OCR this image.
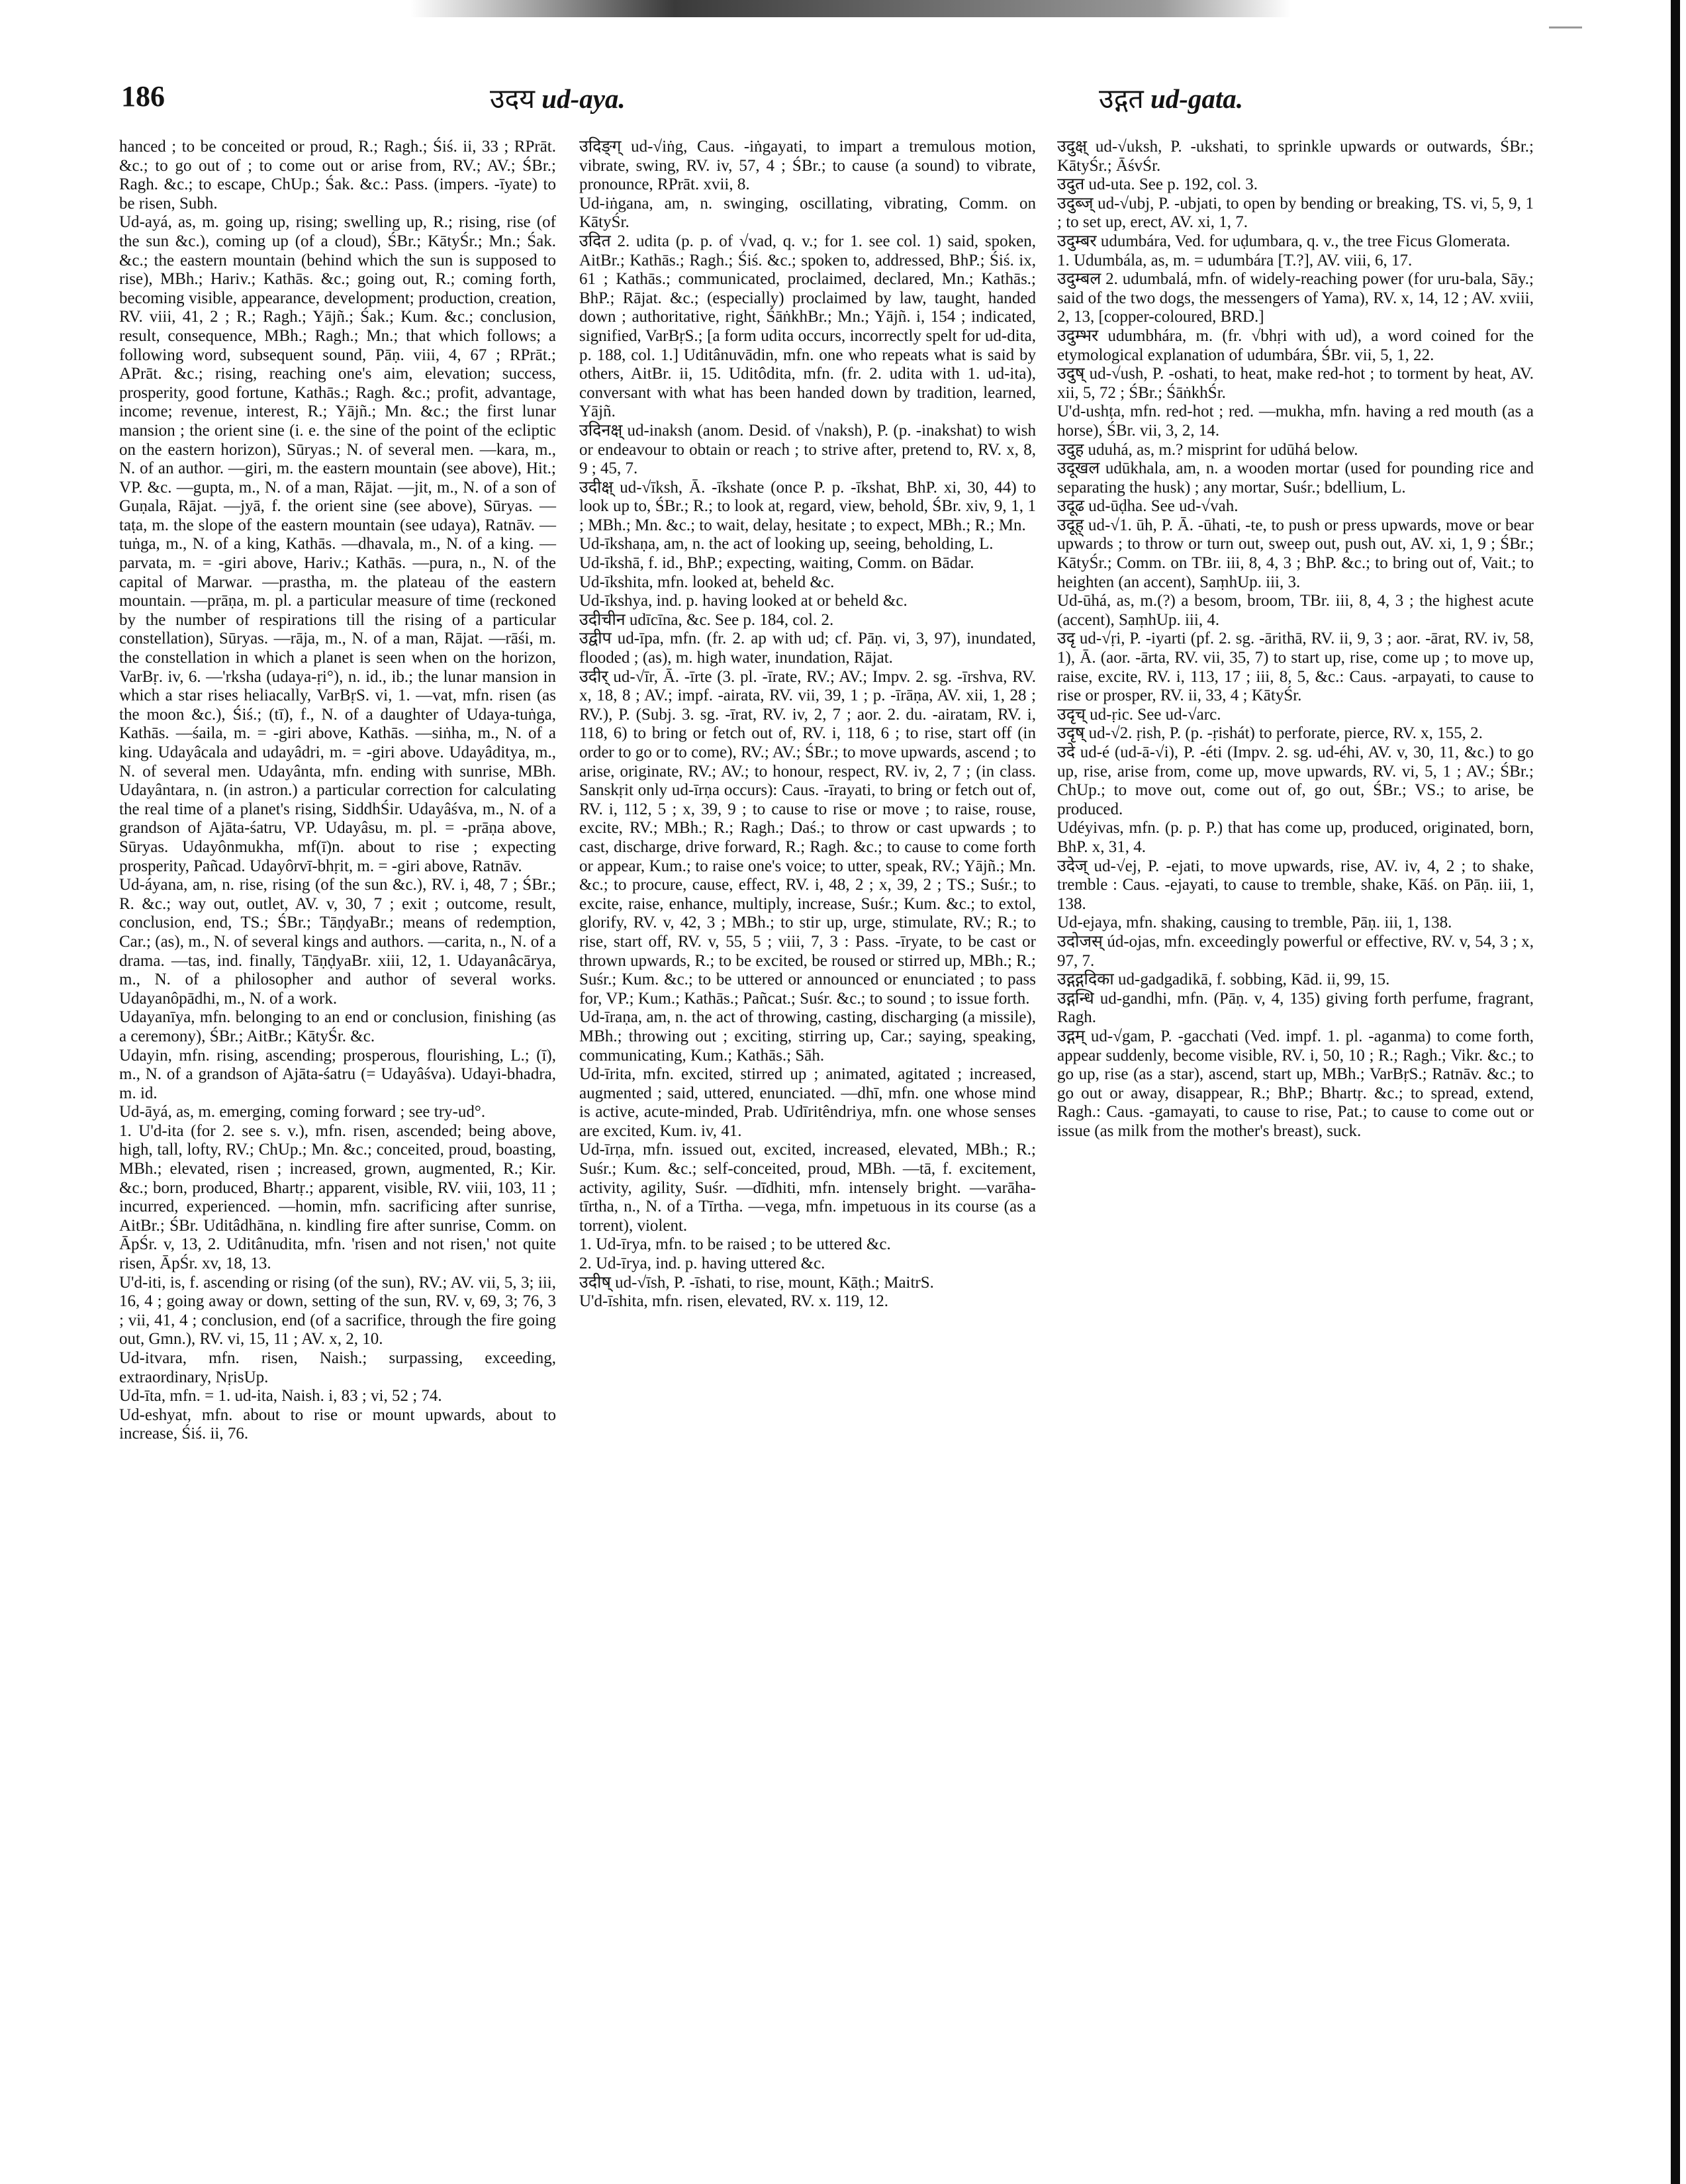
186	उदय ud-aya.	उद्गत ud-gata.

hanced ; to be conceited or proud, R.; Ragh.; Śiś. ii, 33 ; RPrāt. &c.; to go out of ; to come out or arise from, RV.; AV.; ŚBr.; Ragh. &c.; to escape, ChUp.; Śak. &c.: Pass. (impers. -īyate) to be risen, Subh.

Ud-ayá, as, m. going up, rising; swelling up, R.; rising, rise (of the sun &c.), coming up (of a cloud), ŚBr.; KātyŚr.; Mn.; Śak. &c.; the eastern mountain (behind which the sun is supposed to rise), MBh.; Hariv.; Kathās. &c.; going out, R.; coming forth, becoming visible, appearance, development; production, creation, RV. viii, 41, 2 ; R.; Ragh.; Yājñ.; Śak.; Kum. &c.; conclusion, result, consequence, MBh.; Ragh.; Mn.; that which follows; a following word, subsequent sound, Pāṇ. viii, 4, 67 ; RPrāt.; APrāt. &c.; rising, reaching one's aim, elevation; success, prosperity, good fortune, Kathās.; Ragh. &c.; profit, advantage, income; revenue, interest, R.; Yājñ.; Mn. &c.; the first lunar mansion ; the orient sine (i. e. the sine of the point of the ecliptic on the eastern horizon), Sūryas.; N. of several men. —kara, m., N. of an author. —giri, m. the eastern mountain (see above), Hit.; VP. &c. —gupta, m., N. of a man, Rājat. —jit, m., N. of a son of Guṇala, Rājat. —jyā, f. the orient sine (see above), Sūryas. —taṭa, m. the slope of the eastern mountain (see udaya), Ratnāv. —tuṅga, m., N. of a king, Kathās. —dhavala, m., N. of a king. —parvata, m. = -giri above, Hariv.; Kathās. —pura, n., N. of the capital of Marwar. —prastha, m. the plateau of the eastern mountain. —prāṇa, m. pl. a particular measure of time (reckoned by the number of respirations till the rising of a particular constellation), Sūryas. —rāja, m., N. of a man, Rājat. —rāśi, m. the constellation in which a planet is seen when on the horizon, VarBṛ. iv, 6. —'rksha (udaya-ṛi°), n. id., ib.; the lunar mansion in which a star rises heliacally, VarBṛS. vi, 1. —vat, mfn. risen (as the moon &c.), Śiś.; (tī), f., N. of a daughter of Udaya-tuṅga, Kathās. —śaila, m. = -giri above, Kathās. —siṅha, m., N. of a king. Udayâcala and udayâdri, m. = -giri above. Udayâditya, m., N. of several men. Udayânta, mfn. ending with sunrise, MBh. Udayântara, n. (in astron.) a particular correction for calculating the real time of a planet's rising, SiddhŚir. Udayâśva, m., N. of a grandson of Ajāta-śatru, VP. Udayâsu, m. pl. = -prāṇa above, Sūryas. Udayônmukha, mf(ī)n. about to rise ; expecting prosperity, Pañcad. Udayôrvī-bhṛit, m. = -giri above, Ratnāv.

Ud-áyana, am, n. rise, rising (of the sun &c.), RV. i, 48, 7 ; ŚBr.; R. &c.; way out, outlet, AV. v, 30, 7 ; exit ; outcome, result, conclusion, end, TS.; ŚBr.; TāṇḍyaBr.; means of redemption, Car.; (as), m., N. of several kings and authors. —carita, n., N. of a drama. —tas, ind. finally, TāṇḍyaBr. xiii, 12, 1. Udayanâcārya, m., N. of a philosopher and author of several works. Udayanôpādhi, m., N. of a work.

Udayanīya, mfn. belonging to an end or conclusion, finishing (as a ceremony), ŚBr.; AitBr.; KātyŚr. &c.

Udayin, mfn. rising, ascending; prosperous, flourishing, L.; (ī), m., N. of a grandson of Ajāta-śatru (= Udayâśva). Udayi-bhadra, m. id.

Ud-āyá, as, m. emerging, coming forward ; see try-ud°.

1. U'd-ita (for 2. see s. v.), mfn. risen, ascended; being above, high, tall, lofty, RV.; ChUp.; Mn. &c.; conceited, proud, boasting, MBh.; elevated, risen ; increased, grown, augmented, R.; Kir. &c.; born, produced, Bhartṛ.; apparent, visible, RV. viii, 103, 11 ; incurred, experienced. —homin, mfn. sacrificing after sunrise, AitBr.; ŚBr. Uditâdhāna, n. kindling fire after sunrise, Comm. on ĀpŚr. v, 13, 2. Uditânudita, mfn. 'risen and not risen,' not quite risen, ĀpŚr. xv, 18, 13.

U'd-iti, is, f. ascending or rising (of the sun), RV.; AV. vii, 5, 3; iii, 16, 4 ; going away or down, setting of the sun, RV. v, 69, 3; 76, 3 ; vii, 41, 4 ; conclusion, end (of a sacrifice, through the fire going out, Gmn.), RV. vi, 15, 11 ; AV. x, 2, 10.

Ud-itvara, mfn. risen, Naish.; surpassing, exceeding, extraordinary, NṛisUp.

Ud-īta, mfn. = 1. ud-ita, Naish. i, 83 ; vi, 52 ; 74.

Ud-eshyat, mfn. about to rise or mount upwards, about to increase, Śiś. ii, 76.

उदिङ्ग् ud-√iṅg, Caus. -iṅgayati, to impart a tremulous motion, vibrate, swing, RV. iv, 57, 4 ; ŚBr.; to cause (a sound) to vibrate, pronounce, RPrāt. xvii, 8.

Ud-iṅgana, am, n. swinging, oscillating, vibrating, Comm. on KātyŚr.

उदित 2. udita (p. p. of √vad, q. v.; for 1. see col. 1) said, spoken, AitBr.; Kathās.; Ragh.; Śiś. &c.; spoken to, addressed, BhP.; Śiś. ix, 61 ; Kathās.; communicated, proclaimed, declared, Mn.; Kathās.; BhP.; Rājat. &c.; (especially) proclaimed by law, taught, handed down ; authoritative, right, ŚāṅkhBr.; Mn.; Yājñ. i, 154 ; indicated, signified, VarBṛS.; [a form udita occurs, incorrectly spelt for ud-dita, p. 188, col. 1.] Uditânuvādin, mfn. one who repeats what is said by others, AitBr. ii, 15. Uditôdita, mfn. (fr. 2. udita with 1. ud-ita), conversant with what has been handed down by tradition, learned, Yājñ.

उदिनक्ष् ud-inaksh (anom. Desid. of √naksh), P. (p. -inakshat) to wish or endeavour to obtain or reach ; to strive after, pretend to, RV. x, 8, 9 ; 45, 7.

उदीक्ष् ud-√īksh, Ā. -īkshate (once P. p. -īkshat, BhP. xi, 30, 44) to look up to, ŚBr.; R.; to look at, regard, view, behold, ŚBr. xiv, 9, 1, 1 ; MBh.; Mn. &c.; to wait, delay, hesitate ; to expect, MBh.; R.; Mn.

Ud-īkshaṇa, am, n. the act of looking up, seeing, beholding, L.

Ud-īkshā, f. id., BhP.; expecting, waiting, Comm. on Bādar.

Ud-īkshita, mfn. looked at, beheld &c.

Ud-īkshya, ind. p. having looked at or beheld &c.

उदीचीन udīcīna, &c. See p. 184, col. 2.

उद्वीप ud-īpa, mfn. (fr. 2. ap with ud; cf. Pāṇ. vi, 3, 97), inundated, flooded ; (as), m. high water, inundation, Rājat.

उदीर् ud-√īr, Ā. -īrte (3. pl. -īrate, RV.; AV.; Impv. 2. sg. -īrshva, RV. x, 18, 8 ; AV.; impf. -airata, RV. vii, 39, 1 ; p. -īrāṇa, AV. xii, 1, 28 ; RV.), P. (Subj. 3. sg. -īrat, RV. iv, 2, 7 ; aor. 2. du. -airatam, RV. i, 118, 6) to bring or fetch out of, RV. i, 118, 6 ; to rise, start off (in order to go or to come), RV.; AV.; ŚBr.; to move upwards, ascend ; to arise, originate, RV.; AV.; to honour, respect, RV. iv, 2, 7 ; (in class. Sanskṛit only ud-īrṇa occurs): Caus. -īrayati, to bring or fetch out of, RV. i, 112, 5 ; x, 39, 9 ; to cause to rise or move ; to raise, rouse, excite, RV.; MBh.; R.; Ragh.; Daś.; to throw or cast upwards ; to cast, discharge, drive forward, R.; Ragh. &c.; to cause to come forth or appear, Kum.; to raise one's voice; to utter, speak, RV.; Yājñ.; Mn. &c.; to procure, cause, effect, RV. i, 48, 2 ; x, 39, 2 ; TS.; Suśr.; to excite, raise, enhance, multiply, increase, Suśr.; Kum. &c.; to extol, glorify, RV. v, 42, 3 ; MBh.; to stir up, urge, stimulate, RV.; R.; to rise, start off, RV. v, 55, 5 ; viii, 7, 3 : Pass. -īryate, to be cast or thrown upwards, R.; to be excited, be roused or stirred up, MBh.; R.; Suśr.; Kum. &c.; to be uttered or announced or enunciated ; to pass for, VP.; Kum.; Kathās.; Pañcat.; Suśr. &c.; to sound ; to issue forth.

Ud-īraṇa, am, n. the act of throwing, casting, discharging (a missile), MBh.; throwing out ; exciting, stirring up, Car.; saying, speaking, communicating, Kum.; Kathās.; Sāh.

Ud-īrita, mfn. excited, stirred up ; animated, agitated ; increased, augmented ; said, uttered, enunciated. —dhī, mfn. one whose mind is active, acute-minded, Prab. Udīritêndriya, mfn. one whose senses are excited, Kum. iv, 41.

Ud-īrṇa, mfn. issued out, excited, increased, elevated, MBh.; R.; Suśr.; Kum. &c.; self-conceited, proud, MBh. —tā, f. excitement, activity, agility, Suśr. —dīdhiti, mfn. intensely bright. —varāha-tīrtha, n., N. of a Tīrtha. —vega, mfn. impetuous in its course (as a torrent), violent.

1. Ud-īrya, mfn. to be raised ; to be uttered &c.

2. Ud-īrya, ind. p. having uttered &c.

उदीष् ud-√īsh, P. -īshati, to rise, mount, Kāṭh.; MaitrS.

U'd-īshita, mfn. risen, elevated, RV. x. 119, 12.

उदुक्ष् ud-√uksh, P. -ukshati, to sprinkle upwards or outwards, ŚBr.; KātyŚr.; ĀśvŚr.

उदुत ud-uta. See p. 192, col. 3.

उदुब्ज् ud-√ubj, P. -ubjati, to open by bending or breaking, TS. vi, 5, 9, 1 ; to set up, erect, AV. xi, 1, 7.

उदुम्बर udumbára, Ved. for uḍumbara, q. v., the tree Ficus Glomerata.

1. Udumbála, as, m. = udumbára [T.?], AV. viii, 6, 17.

उदुम्बल 2. udumbalá, mfn. of widely-reaching power (for uru-bala, Sāy.; said of the two dogs, the messengers of Yama), RV. x, 14, 12 ; AV. xviii, 2, 13, [copper-coloured, BRD.]

उदुम्भर udumbhára, m. (fr. √bhṛi with ud), a word coined for the etymological explanation of udumbára, ŚBr. vii, 5, 1, 22.

उदुष् ud-√ush, P. -oshati, to heat, make red-hot ; to torment by heat, AV. xii, 5, 72 ; ŚBr.; ŚāṅkhŚr.

U'd-ushṭa, mfn. red-hot ; red. —mukha, mfn. having a red mouth (as a horse), ŚBr. vii, 3, 2, 14.

उदुह uduhá, as, m.? misprint for udūhá below.

उदूखल udūkhala, am, n. a wooden mortar (used for pounding rice and separating the husk) ; any mortar, Suśr.; bdellium, L.

उदूढ ud-ūḍha. See ud-√vah.

उदूह् ud-√1. ūh, P. Ā. -ūhati, -te, to push or press upwards, move or bear upwards ; to throw or turn out, sweep out, push out, AV. xi, 1, 9 ; ŚBr.; KātyŚr.; Comm. on TBr. iii, 8, 4, 3 ; BhP. &c.; to bring out of, Vait.; to heighten (an accent), SaṃhUp. iii, 3.

Ud-ūhá, as, m.(?) a besom, broom, TBr. iii, 8, 4, 3 ; the highest acute (accent), SaṃhUp. iii, 4.

उदृ ud-√ṛi, P. -iyarti (pf. 2. sg. -ārithā, RV. ii, 9, 3 ; aor. -ārat, RV. iv, 58, 1), Ā. (aor. -ārta, RV. vii, 35, 7) to start up, rise, come up ; to move up, raise, excite, RV. i, 113, 17 ; iii, 8, 5, &c.: Caus. -arpayati, to cause to rise or prosper, RV. ii, 33, 4 ; KātyŚr.

उदृच् ud-ṛic. See ud-√arc.

उदृष् ud-√2. ṛish, P. (p. -ṛishát) to perforate, pierce, RV. x, 155, 2.

उदे ud-é (ud-ā-√i), P. -éti (Impv. 2. sg. ud-éhi, AV. v, 30, 11, &c.) to go up, rise, arise from, come up, move upwards, RV. vi, 5, 1 ; AV.; ŚBr.; ChUp.; to move out, come out of, go out, ŚBr.; VS.; to arise, be produced.

Udéyivas, mfn. (p. p. P.) that has come up, produced, originated, born, BhP. x, 31, 4.

उदेज् ud-√ej, P. -ejati, to move upwards, rise, AV. iv, 4, 2 ; to shake, tremble : Caus. -ejayati, to cause to tremble, shake, Kāś. on Pāṇ. iii, 1, 138.

Ud-ejaya, mfn. shaking, causing to tremble, Pāṇ. iii, 1, 138.

उदोजस् úd-ojas, mfn. exceedingly powerful or effective, RV. v, 54, 3 ; x, 97, 7.

उद्गद्गदिका ud-gadgadikā, f. sobbing, Kād. ii, 99, 15.

उद्गन्धि ud-gandhi, mfn. (Pāṇ. v, 4, 135) giving forth perfume, fragrant, Ragh.

उद्गम् ud-√gam, P. -gacchati (Ved. impf. 1. pl. -aganma) to come forth, appear suddenly, become visible, RV. i, 50, 10 ; R.; Ragh.; Vikr. &c.; to go up, rise (as a star), ascend, start up, MBh.; VarBṛS.; Ratnāv. &c.; to go out or away, disappear, R.; BhP.; Bhartṛ. &c.; to spread, extend, Ragh.: Caus. -gamayati, to cause to rise, Pat.; to cause to come out or issue (as milk from the mother's breast), suck.
